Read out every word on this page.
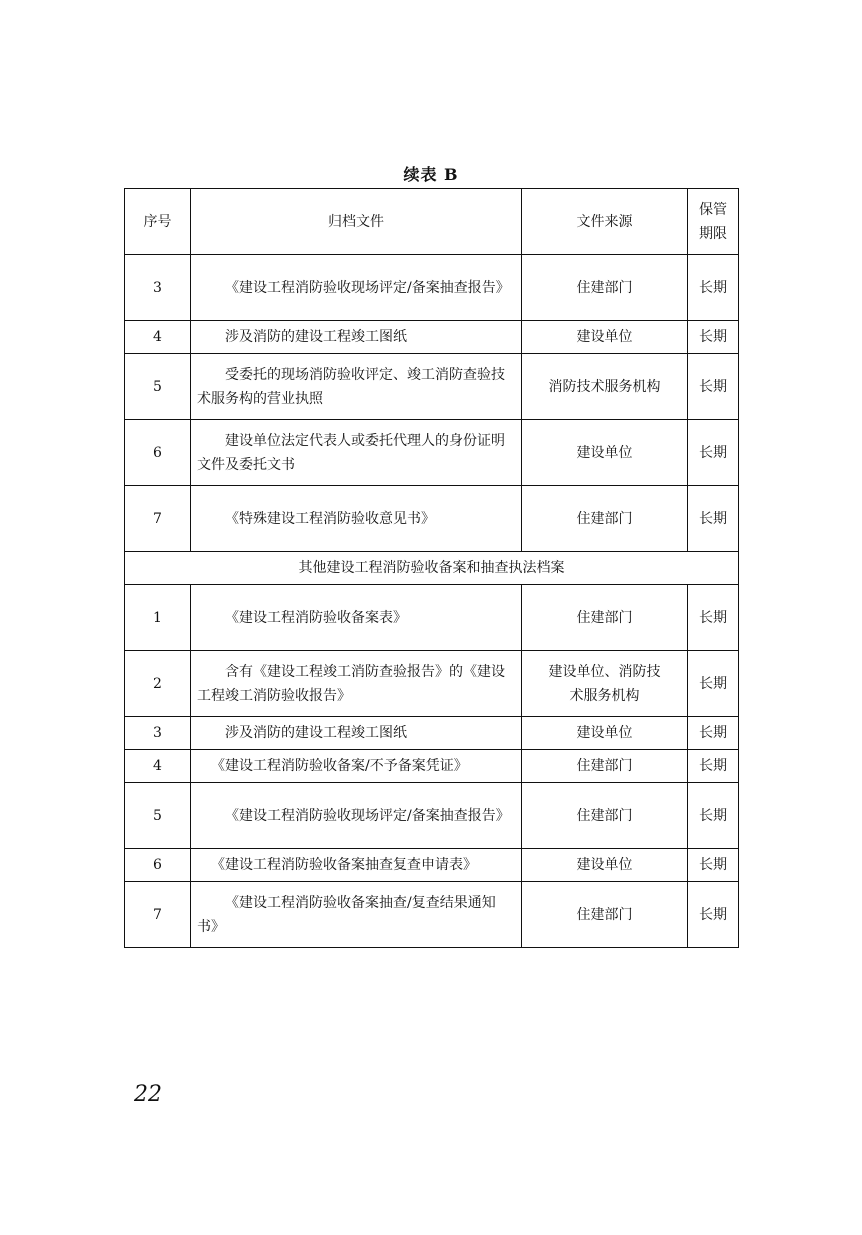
续表 B
序号	归档文件	文件来源	保管期限

3	《建设工程消防验收现场评定/备案抽查报告》	住建部门	长期
4	涉及消防的建设工程竣工图纸	建设单位	长期
5	受委托的现场消防验收评定、竣工消防查验技术服务构的营业执照	消防技术服务机构	长期
6	建设单位法定代表人或委托代理人的身份证明文件及委托文书	建设单位	长期
7	《特殊建设工程消防验收意见书》	住建部门	长期
其他建设工程消防验收备案和抽查执法档案			
1	《建设工程消防验收备案表》	住建部门	长期
2	含有《建设工程竣工消防查验报告》的《建设工程竣工消防验收报告》	建设单位、消防技术服务机构	长期
3	涉及消防的建设工程竣工图纸	建设单位	长期
4	《建设工程消防验收备案/不予备案凭证》	住建部门	长期
5	《建设工程消防验收现场评定/备案抽查报告》	住建部门	长期
6	《建设工程消防验收备案抽查复查申请表》	建设单位	长期
7	《建设工程消防验收备案抽查/复查结果通知书》	住建部门	长期
22
